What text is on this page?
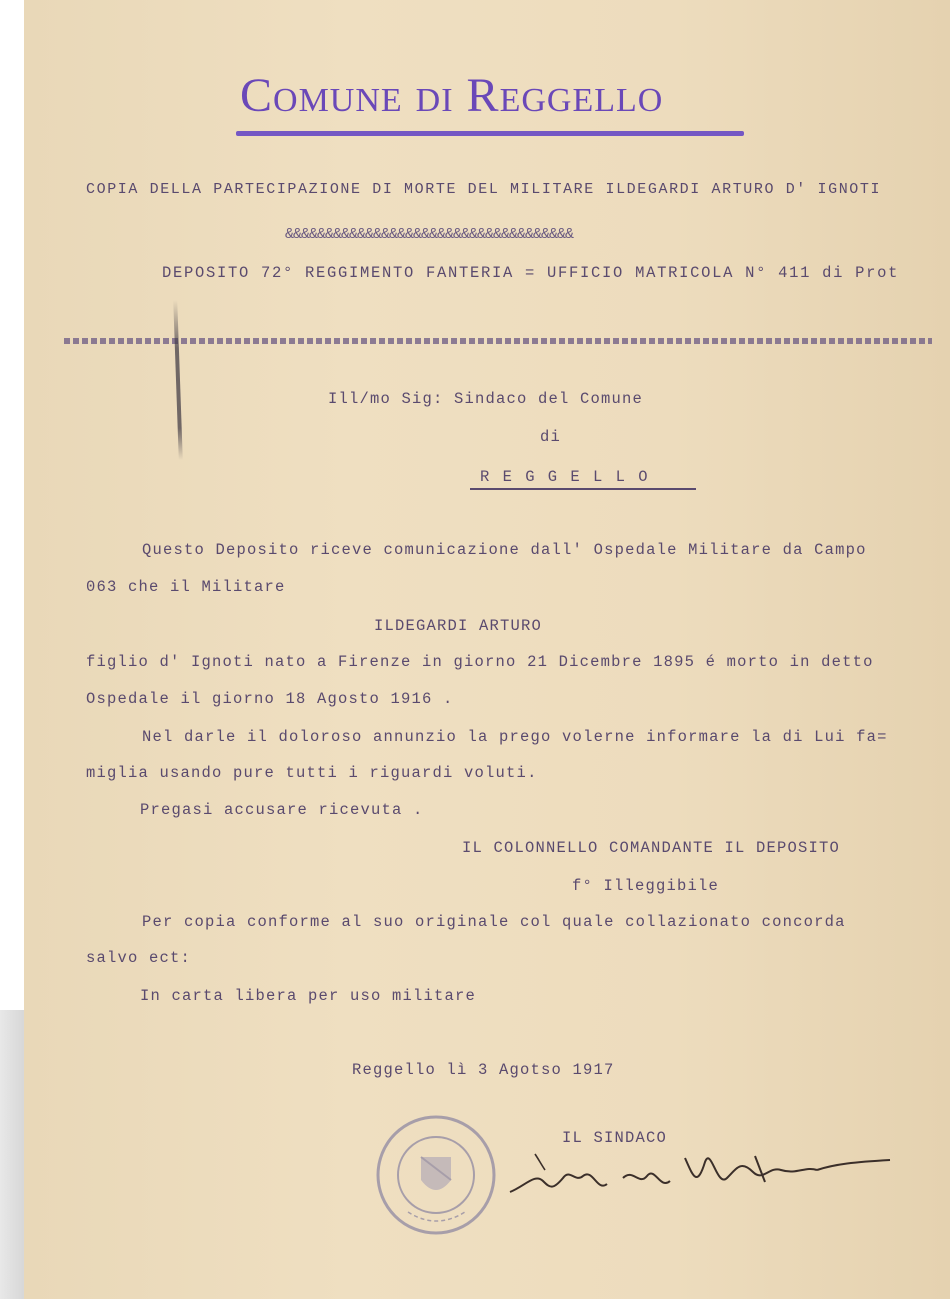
Comune di Reggello
COPIA DELLA PARTECIPAZIONE DI MORTE DEL MILITARE ILDEGARDI ARTURO D' IGNOTI
&&&&&&&&&&&&&&&&&&&&&&&&&&&&&&&&&&&&
DEPOSITO 72° REGGIMENTO FANTERIA = UFFICIO MATRICOLA N° 411 di Prot
Ill/mo Sig: Sindaco del Comune
di
R E G G E L L O
Questo Deposito riceve comunicazione dall' Ospedale Militare da Campo
063 che il Militare
ILDEGARDI ARTURO
figlio d' Ignoti nato a Firenze in giorno 21 Dicembre 1895 é morto in detto
Ospedale il giorno 18 Agosto 1916 .
Nel darle il doloroso annunzio la prego volerne informare la di Lui fa=
miglia usando pure tutti i riguardi voluti.
Pregasi accusare ricevuta .
IL COLONNELLO COMANDANTE IL DEPOSITO
f° Illeggibile
Per copia conforme al suo originale col quale collazionato concorda
salvo ect:
In carta libera per uso militare
Reggello lì 3 Agotso 1917
IL SINDACO
